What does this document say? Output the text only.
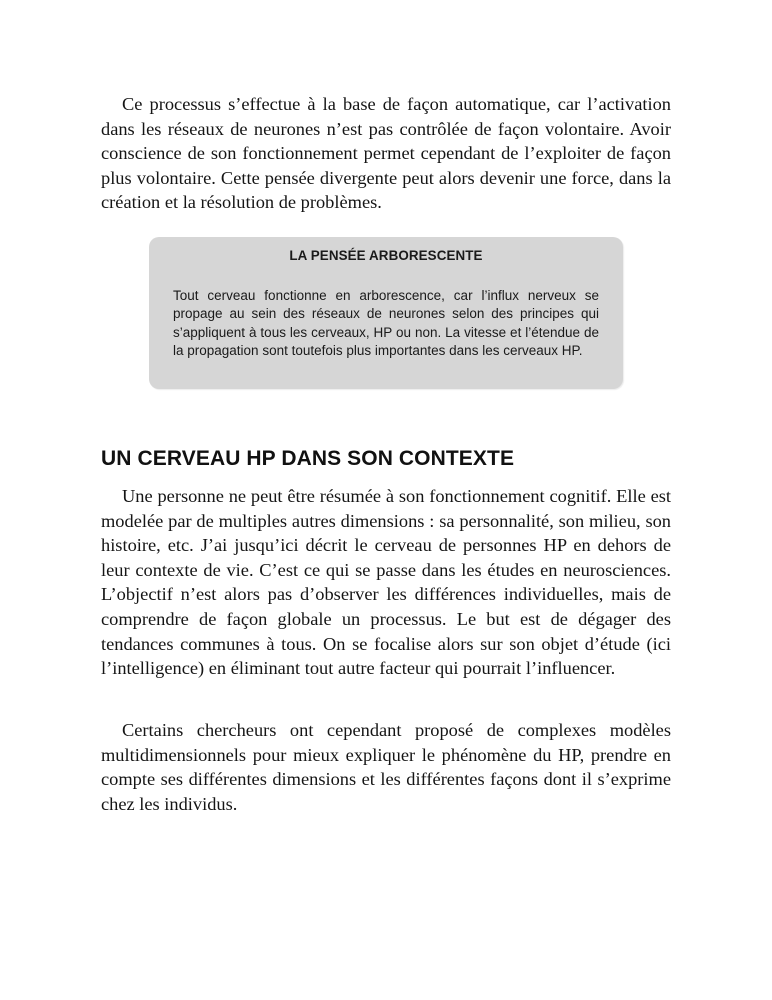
Ce processus s’effectue à la base de façon automatique, car l’activation dans les réseaux de neurones n’est pas contrôlée de façon volontaire. Avoir conscience de son fonctionnement permet cependant de l’exploiter de façon plus volontaire. Cette pensée divergente peut alors devenir une force, dans la création et la résolution de problèmes.

LA PENSÉE ARBORESCENTE

Tout cerveau fonctionne en arborescence, car l’influx nerveux se propage au sein des réseaux de neurones selon des principes qui s’appliquent à tous les cerveaux, HP ou non. La vitesse et l’étendue de la propagation sont toutefois plus importantes dans les cerveaux HP.

UN CERVEAU HP DANS SON CONTEXTE

Une personne ne peut être résumée à son fonctionnement cognitif. Elle est modelée par de multiples autres dimensions : sa personnalité, son milieu, son histoire, etc. J’ai jusqu’ici décrit le cerveau de personnes HP en dehors de leur contexte de vie. C’est ce qui se passe dans les études en neurosciences. L’objectif n’est alors pas d’observer les différences individuelles, mais de comprendre de façon globale un processus. Le but est de dégager des tendances communes à tous. On se focalise alors sur son objet d’étude (ici l’intelligence) en éliminant tout autre facteur qui pourrait l’influencer.

Certains chercheurs ont cependant proposé de complexes modèles multidimensionnels pour mieux expliquer le phénomène du HP, prendre en compte ses différentes dimensions et les différentes façons dont il s’exprime chez les individus.
